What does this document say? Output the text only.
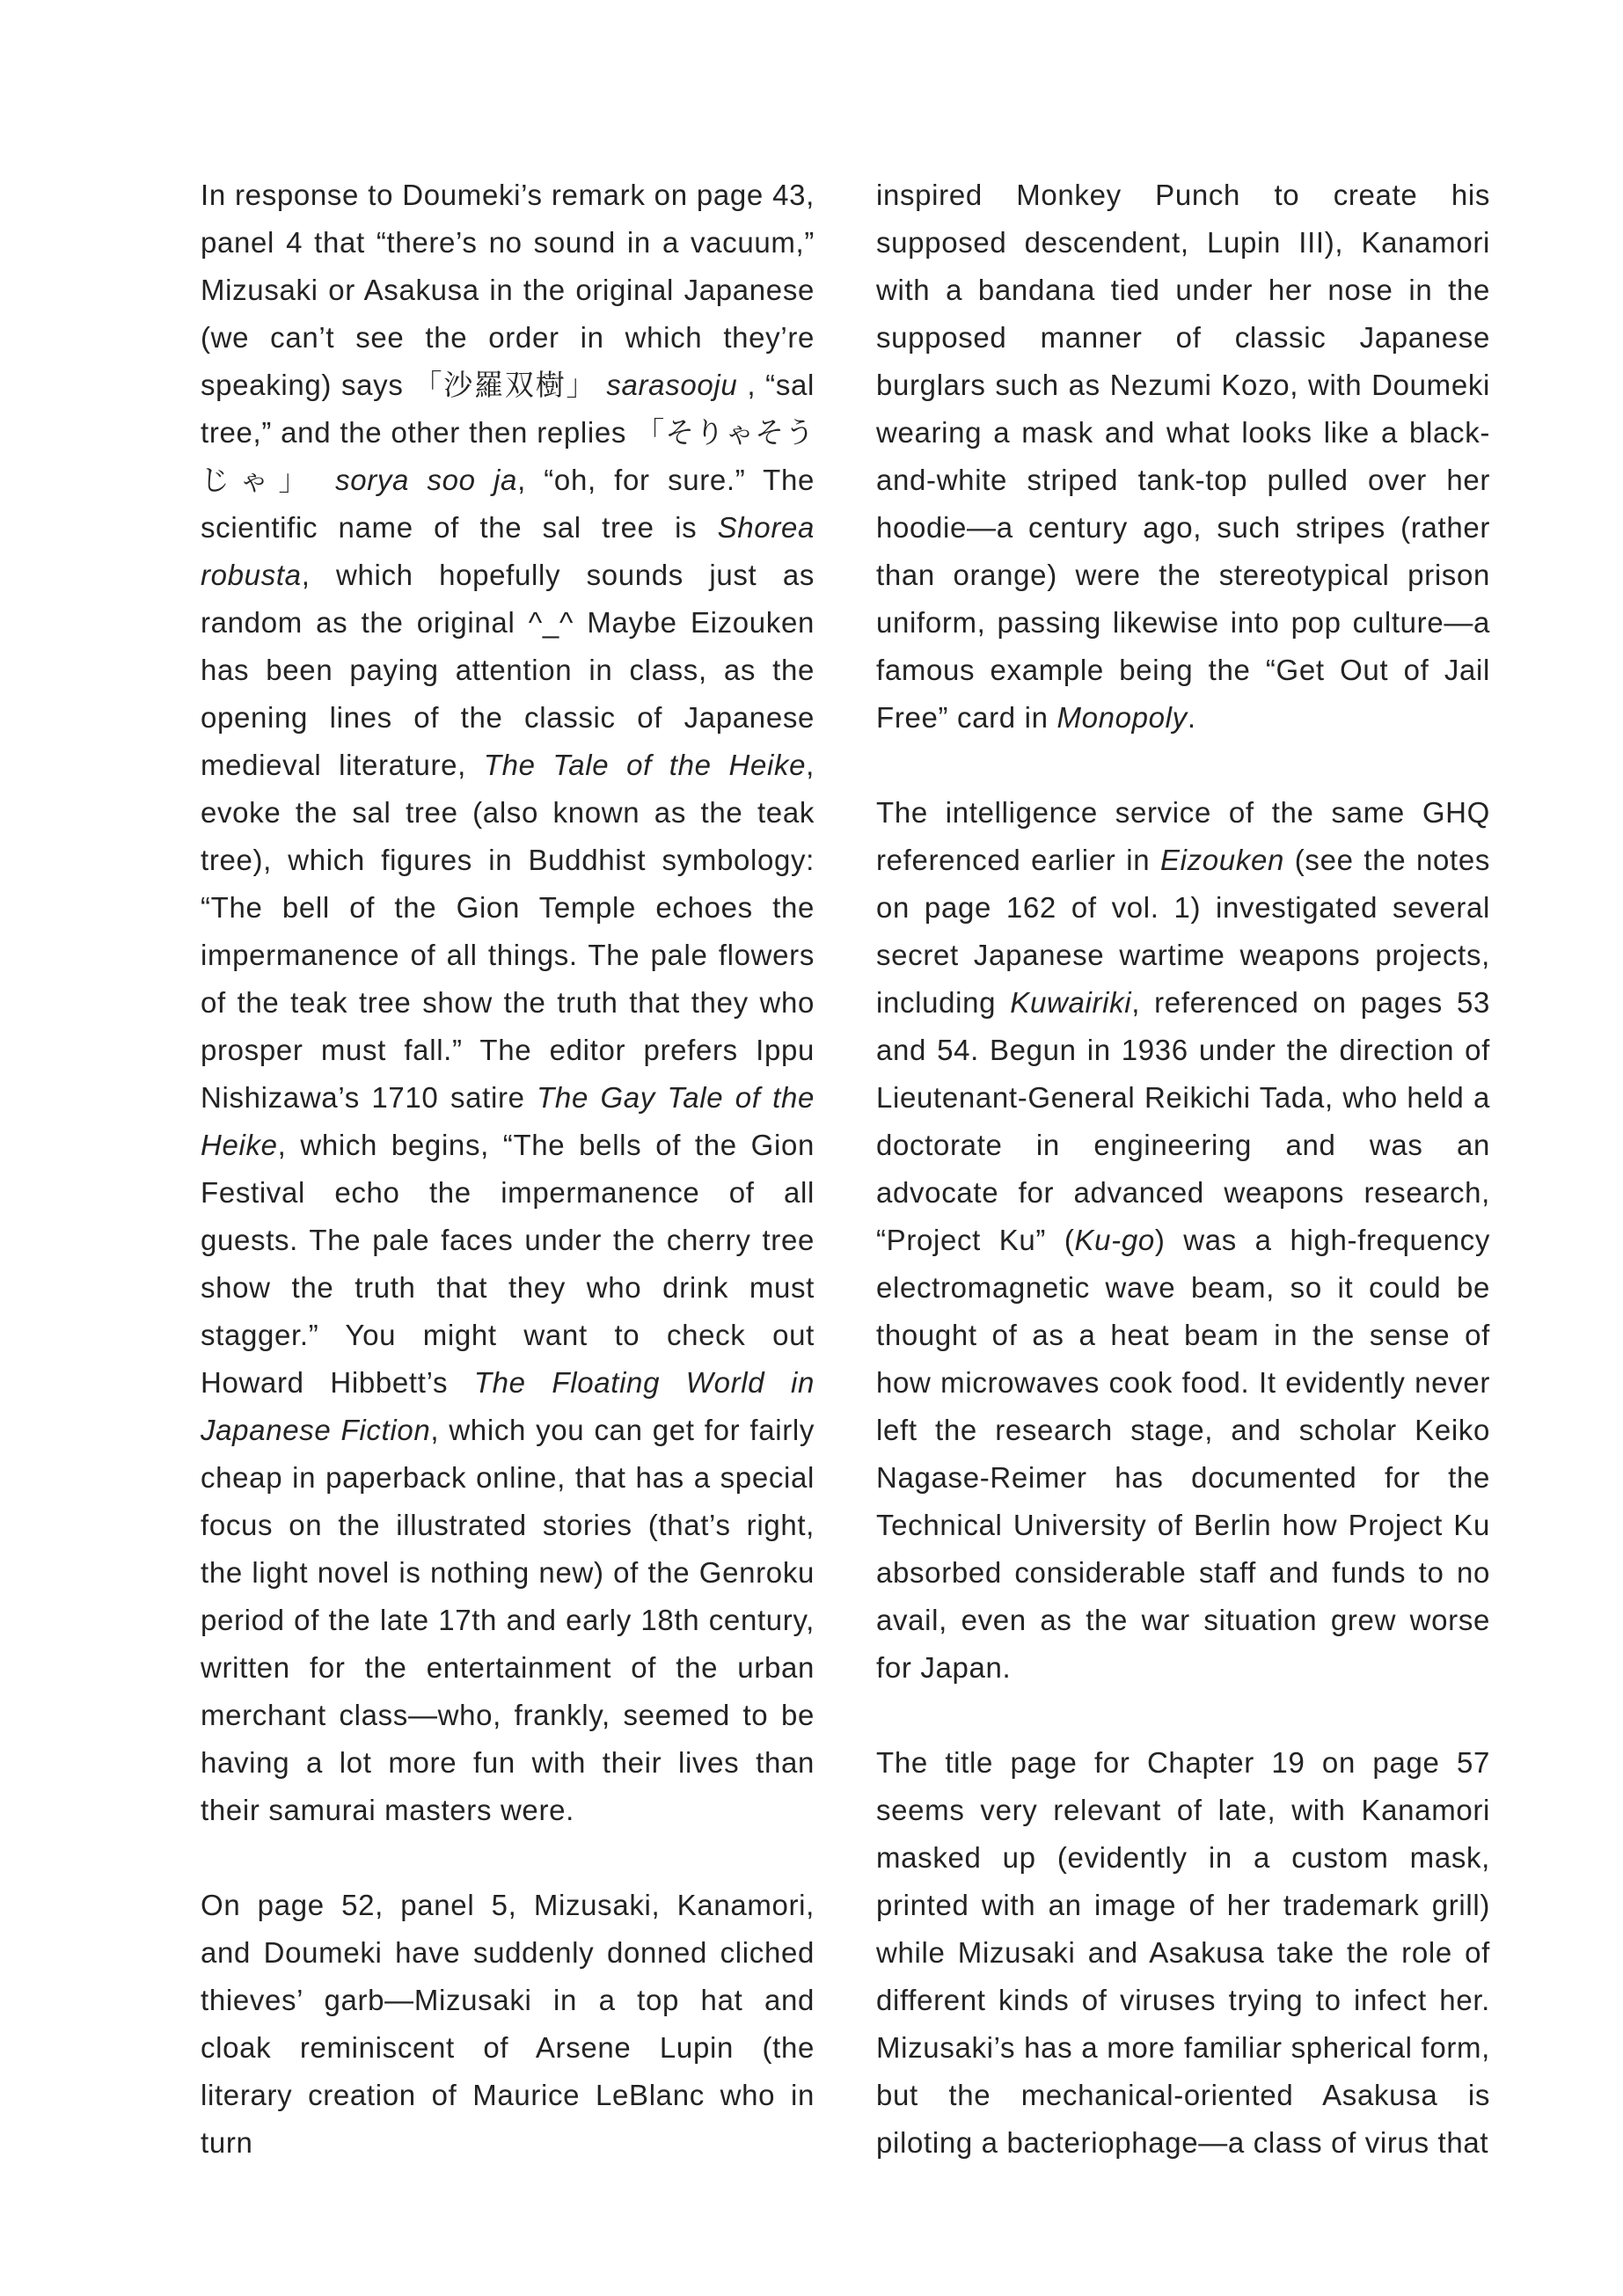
In response to Doumeki’s remark on page 43, panel 4 that “there’s no sound in a vacuum,” Mizusaki or Asakusa in the original Japanese (we can’t see the order in which they’re speaking) says 「沙羅双樹」 sarasooju , “sal tree,” and the other then replies 「そりゃそうじゃ」 sorya soo ja, “oh, for sure.” The scientific name of the sal tree is Shorea robusta, which hopefully sounds just as random as the original ^_^ Maybe Eizouken has been paying attention in class, as the opening lines of the classic of Japanese medieval literature, The Tale of the Heike, evoke the sal tree (also known as the teak tree), which figures in Buddhist symbology: “The bell of the Gion Temple echoes the impermanence of all things. The pale flowers of the teak tree show the truth that they who prosper must fall.” The editor prefers Ippu Nishizawa’s 1710 satire The Gay Tale of the Heike, which begins, “The bells of the Gion Festival echo the impermanence of all guests. The pale faces under the cherry tree show the truth that they who drink must stagger.” You might want to check out Howard Hibbett’s The Floating World in Japanese Fiction, which you can get for fairly cheap in paperback online, that has a special focus on the illustrated stories (that’s right, the light novel is nothing new) of the Genroku period of the late 17th and early 18th century, written for the entertainment of the urban merchant class—who, frankly, seemed to be having a lot more fun with their lives than their samurai masters were.

On page 52, panel 5, Mizusaki, Kanamori, and Doumeki have suddenly donned cliched thieves’ garb—Mizusaki in a top hat and cloak reminiscent of Arsene Lupin (the literary creation of Maurice LeBlanc who in turn

inspired Monkey Punch to create his supposed descendent, Lupin III), Kanamori with a bandana tied under her nose in the supposed manner of classic Japanese burglars such as Nezumi Kozo, with Doumeki wearing a mask and what looks like a black-and-white striped tank-top pulled over her hoodie—a century ago, such stripes (rather than orange) were the stereotypical prison uniform, passing likewise into pop culture—a famous example being the “Get Out of Jail Free” card in Monopoly.

The intelligence service of the same GHQ referenced earlier in Eizouken (see the notes on page 162 of vol. 1) investigated several secret Japanese wartime weapons projects, including Kuwairiki, referenced on pages 53 and 54. Begun in 1936 under the direction of Lieutenant-General Reikichi Tada, who held a doctorate in engineering and was an advocate for advanced weapons research, “Project Ku” (Ku-go) was a high-frequency electromagnetic wave beam, so it could be thought of as a heat beam in the sense of how microwaves cook food. It evidently never left the research stage, and scholar Keiko Nagase-Reimer has documented for the Technical University of Berlin how Project Ku absorbed considerable staff and funds to no avail, even as the war situation grew worse for Japan.

The title page for Chapter 19 on page 57 seems very relevant of late, with Kanamori masked up (evidently in a custom mask, printed with an image of her trademark grill) while Mizusaki and Asakusa take the role of different kinds of viruses trying to infect her. Mizusaki’s has a more familiar spherical form, but the mechanical-oriented Asakusa is piloting a bacteriophage—a class of virus that
